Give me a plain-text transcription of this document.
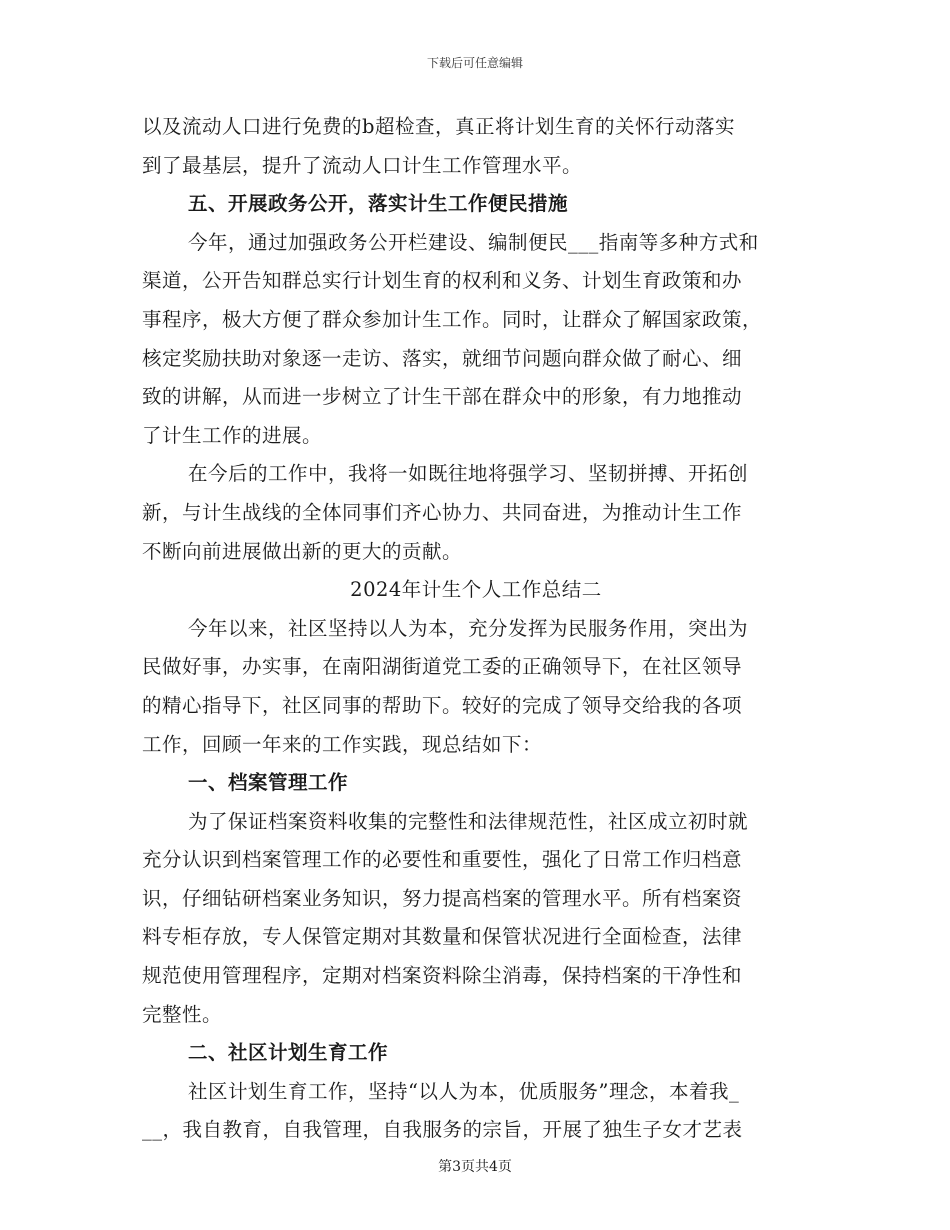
下载后可任意编辑
以及流动人口进行免费的b超检查，真正将计划生育的关怀行动落实
到了最基层，提升了流动人口计生工作管理水平。
五、开展政务公开，落实计生工作便民措施
今年，通过加强政务公开栏建设、编制便民___指南等多种方式和
渠道，公开告知群总实行计划生育的权利和义务、计划生育政策和办
事程序，极大方便了群众参加计生工作。同时，让群众了解国家政策，
核定奖励扶助对象逐一走访、落实，就细节问题向群众做了耐心、细
致的讲解，从而进一步树立了计生干部在群众中的形象，有力地推动
了计生工作的进展。
在今后的工作中，我将一如既往地将强学习、坚韧拼搏、开拓创
新，与计生战线的全体同事们齐心协力、共同奋进，为推动计生工作
不断向前进展做出新的更大的贡献。
2024年计生个人工作总结二
今年以来，社区坚持以人为本，充分发挥为民服务作用，突出为
民做好事，办实事，在南阳湖街道党工委的正确领导下，在社区领导
的精心指导下，社区同事的帮助下。较好的完成了领导交给我的各项
工作，回顾一年来的工作实践，现总结如下：
一、档案管理工作
为了保证档案资料收集的完整性和法律规范性，社区成立初时就
充分认识到档案管理工作的必要性和重要性，强化了日常工作归档意
识，仔细钻研档案业务知识，努力提高档案的管理水平。所有档案资
料专柜存放，专人保管定期对其数量和保管状况进行全面检查，法律
规范使用管理程序，定期对档案资料除尘消毒，保持档案的干净性和
完整性。
二、社区计划生育工作
社区计划生育工作，坚持“以人为本，优质服务”理念，本着我_
__，我自教育，自我管理，自我服务的宗旨，开展了独生子女才艺表
第3页共4页
